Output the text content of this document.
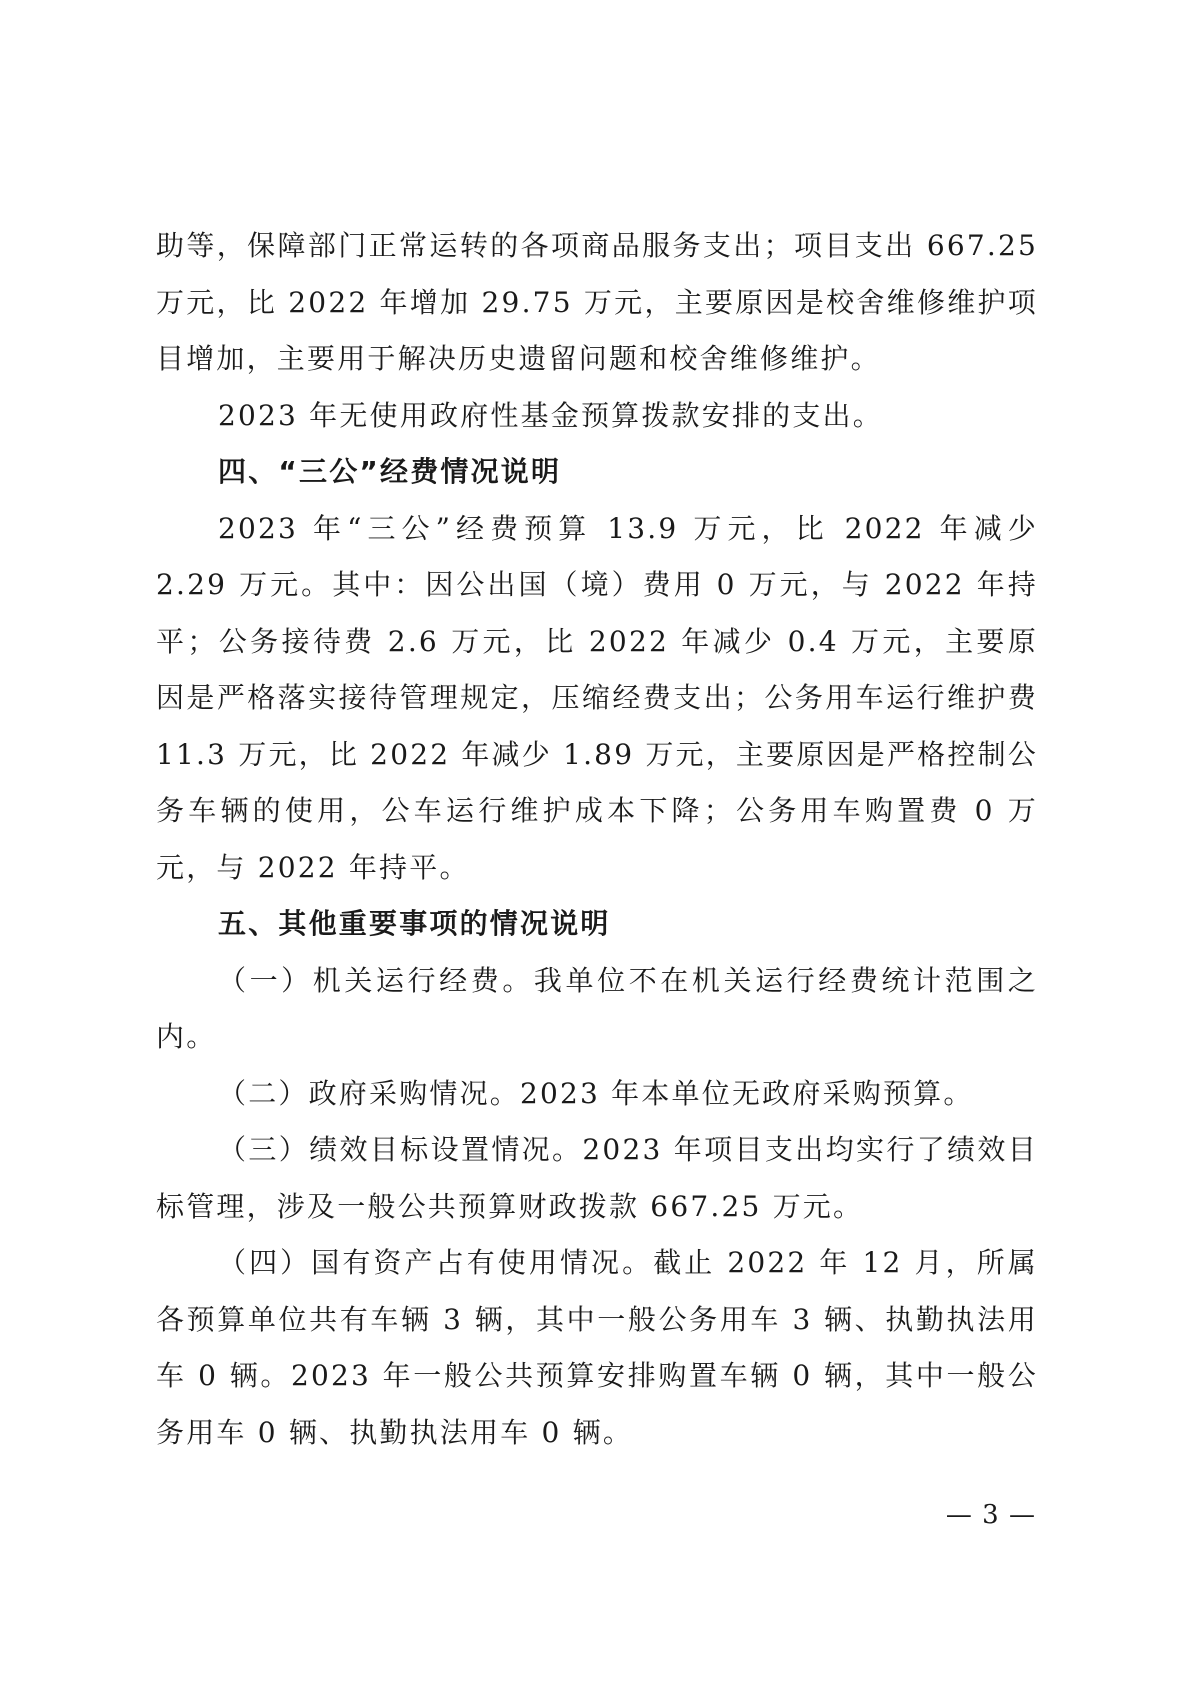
助等，保障部门正常运转的各项商品服务支出；项目支出 667.25 万元，比 2022 年增加 29.75 万元，主要原因是校舍维修维护项目增加，主要用于解决历史遗留问题和校舍维修维护。

2023 年无使用政府性基金预算拨款安排的支出。

四、“三公”经费情况说明

2023 年“三公”经费预算 13.9 万元，比 2022 年减少 2.29 万元。其中：因公出国（境）费用 0 万元，与 2022 年持平；公务接待费 2.6 万元，比 2022 年减少 0.4 万元，主要原因是严格落实接待管理规定，压缩经费支出；公务用车运行维护费 11.3 万元，比 2022 年减少 1.89 万元，主要原因是严格控制公务车辆的使用，公车运行维护成本下降；公务用车购置费 0 万元，与 2022 年持平。

五、其他重要事项的情况说明

（一）机关运行经费。我单位不在机关运行经费统计范围之内。

（二）政府采购情况。2023 年本单位无政府采购预算。

（三）绩效目标设置情况。2023 年项目支出均实行了绩效目标管理，涉及一般公共预算财政拨款 667.25 万元。

（四）国有资产占有使用情况。截止 2022 年 12 月，所属各预算单位共有车辆 3 辆，其中一般公务用车 3 辆、执勤执法用车 0 辆。2023 年一般公共预算安排购置车辆 0 辆，其中一般公务用车 0 辆、执勤执法用车 0 辆。

— 3 —
